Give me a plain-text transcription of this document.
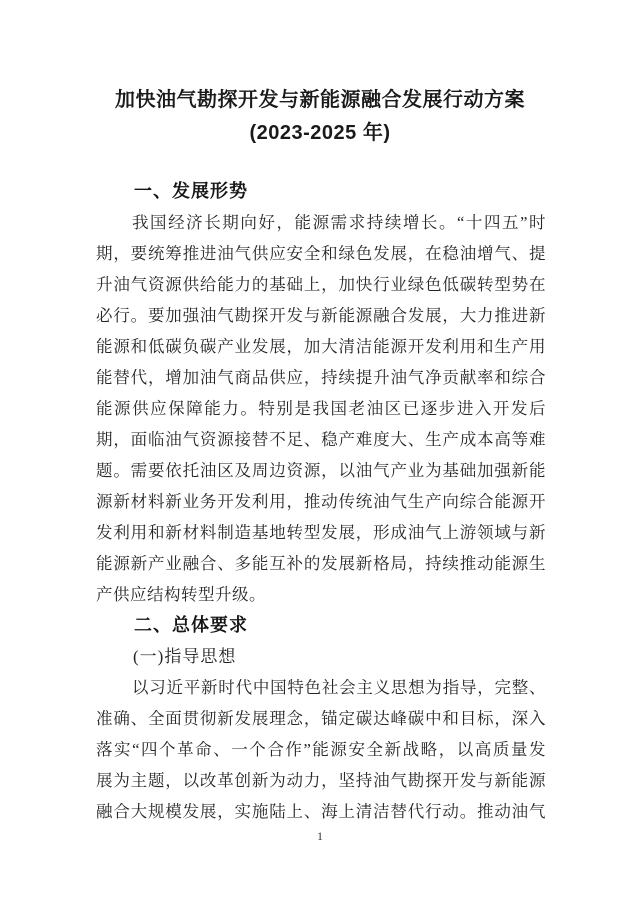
加快油气勘探开发与新能源融合发展行动方案
(2023-2025 年)
一、发展形势
我国经济长期向好，能源需求持续增长。“十四五”时
期，要统筹推进油气供应安全和绿色发展，在稳油增气、提
升油气资源供给能力的基础上，加快行业绿色低碳转型势在
必行。要加强油气勘探开发与新能源融合发展，大力推进新
能源和低碳负碳产业发展，加大清洁能源开发利用和生产用
能替代，增加油气商品供应，持续提升油气净贡献率和综合
能源供应保障能力。特别是我国老油区已逐步进入开发后
期，面临油气资源接替不足、稳产难度大、生产成本高等难
题。需要依托油区及周边资源，以油气产业为基础加强新能
源新材料新业务开发利用，推动传统油气生产向综合能源开
发利用和新材料制造基地转型发展，形成油气上游领域与新
能源新产业融合、多能互补的发展新格局，持续推动能源生
产供应结构转型升级。
二、总体要求
(一)指导思想
以习近平新时代中国特色社会主义思想为指导，完整、
准确、全面贯彻新发展理念，锚定碳达峰碳中和目标，深入
落实“四个革命、一个合作”能源安全新战略，以高质量发
展为主题，以改革创新为动力，坚持油气勘探开发与新能源
融合大规模发展，实施陆上、海上清洁替代行动。推动油气
1
